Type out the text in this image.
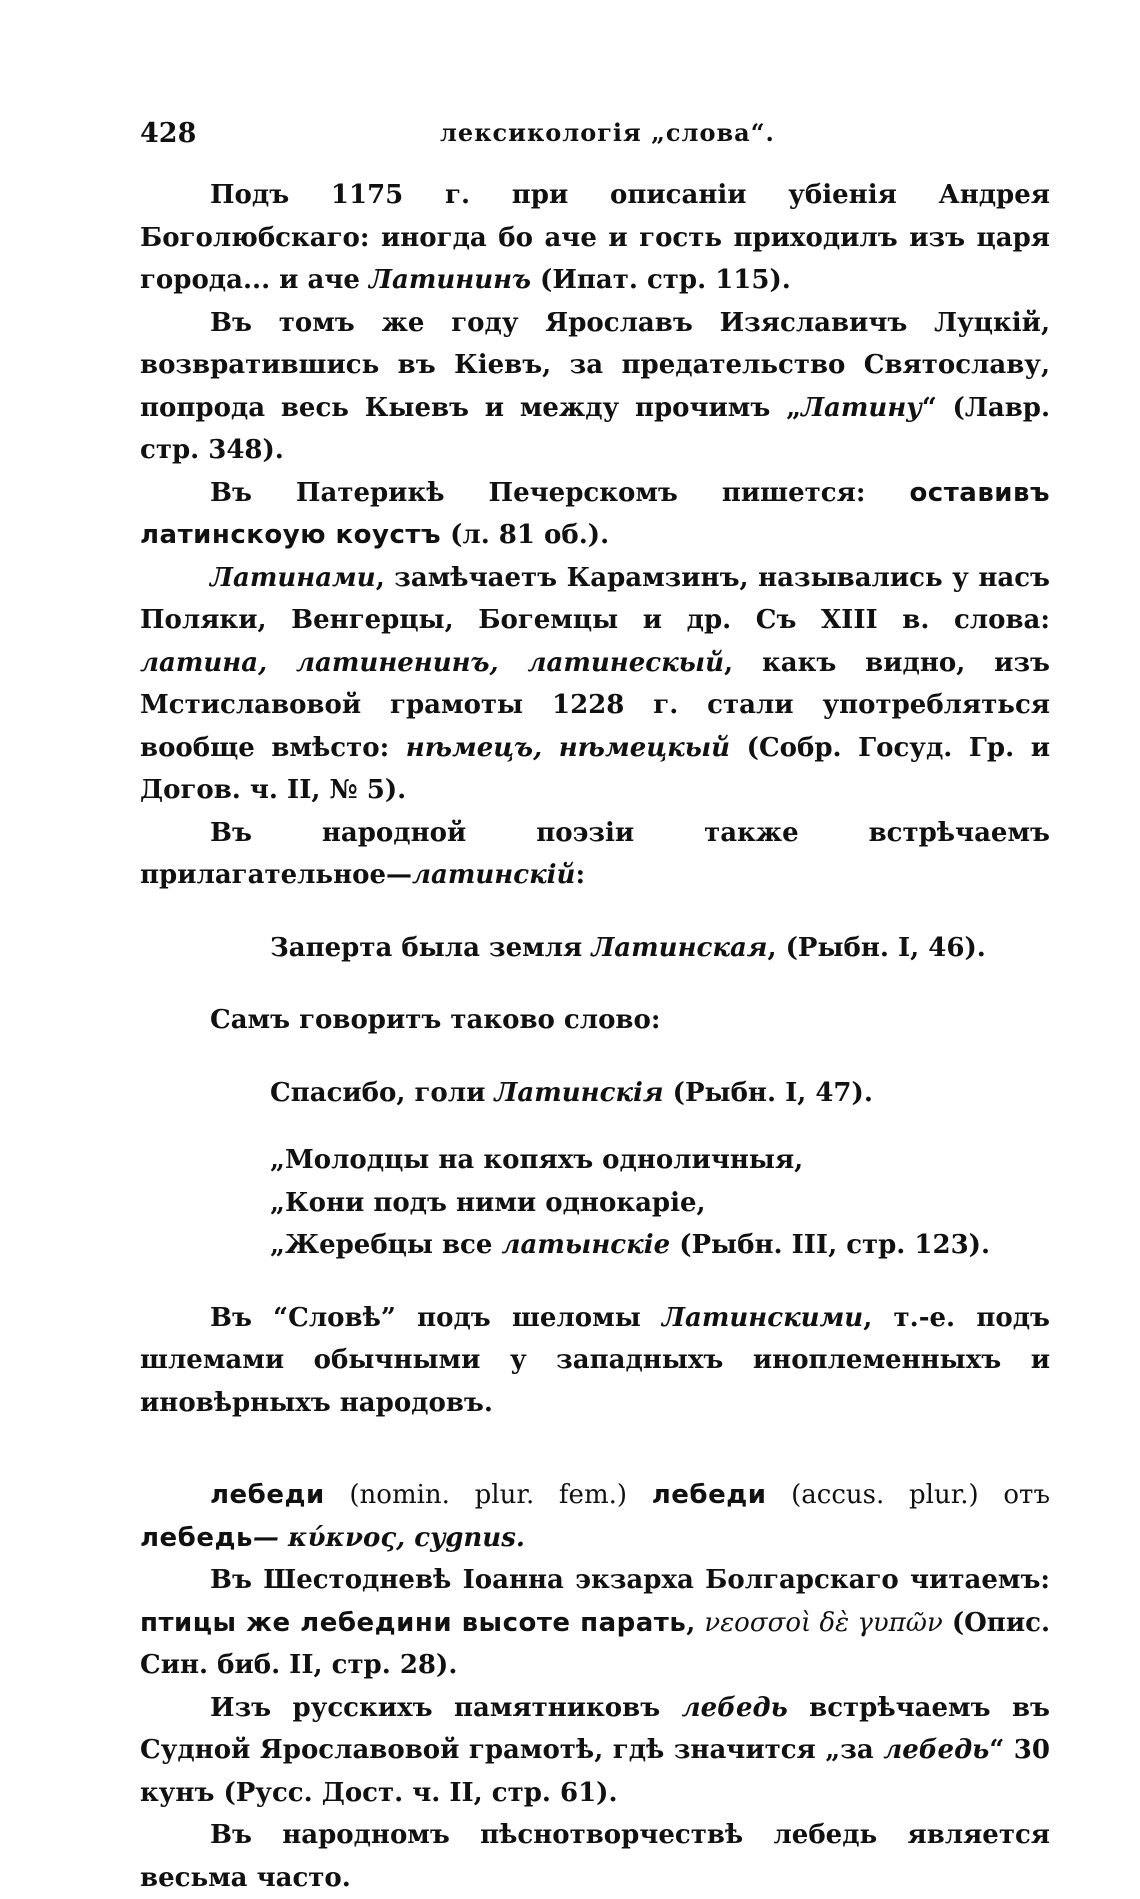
428	лексикологія „слова“.

Подъ 1175 г. при описаніи убіенія Андрея Боголюбскаго: иногда бо аче и гость приходилъ изъ царя города... и аче Латининъ (Ипат. стр. 115).

Въ томъ же году Ярославъ Изяславичъ Луцкій, возвратившись въ Кіевъ, за предательство Святославу, попрода весь Кыевъ и между прочимъ „Латину“ (Лавр. стр. 348).

Въ Патерикѣ Печерскомъ пишется: оставивъ латинскоую коустъ (л. 81 об.).

Латинами, замѣчаетъ Карамзинъ, назывались у насъ Поляки, Венгерцы, Богемцы и др. Съ XIII в. слова: латина, латиненинъ, латинескый, какъ видно, изъ Мстиславовой грамоты 1228 г. стали употребляться вообще вмѣсто: нѣмецъ, нѣмецкый (Собр. Госуд. Гр. и Догов. ч. II, № 5).

Въ народной поэзіи также встрѣчаемъ прилагательное—латинскій:

Заперта была земля Латинская, (Рыбн. I, 46).

Самъ говоритъ таково слово:

Спасибо, голи Латинскія (Рыбн. I, 47).

„Молодцы на копяхъ одноличныя,

„Кони подъ ними однокаріе,

„Жеребцы все латынскіе (Рыбн. III, стр. 123).

Въ “Словѣ” подъ шеломы Латинскими, т.-е. подъ шлемами обычными у западныхъ иноплеменныхъ и иновѣрныхъ народовъ.

лебеди (nomin. plur. fem.) лебеди (accus. plur.) отъ лебедь— κύκνος, cygnus.

Въ Шестодневѣ Іоанна экзарха Болгарскаго читаемъ: птицы же лебедини высоте парать, νεοσσοὶ δὲ γυπῶν (Опис. Син. биб. II, стр. 28).

Изъ русскихъ памятниковъ лебедь встрѣчаемъ въ Судной Ярославовой грамотѣ, гдѣ значится „за лебедь“ 30 кунъ (Русс. Дост. ч. II, стр. 61).

Въ народномъ пѣснотворчествѣ лебедь является весьма часто.
